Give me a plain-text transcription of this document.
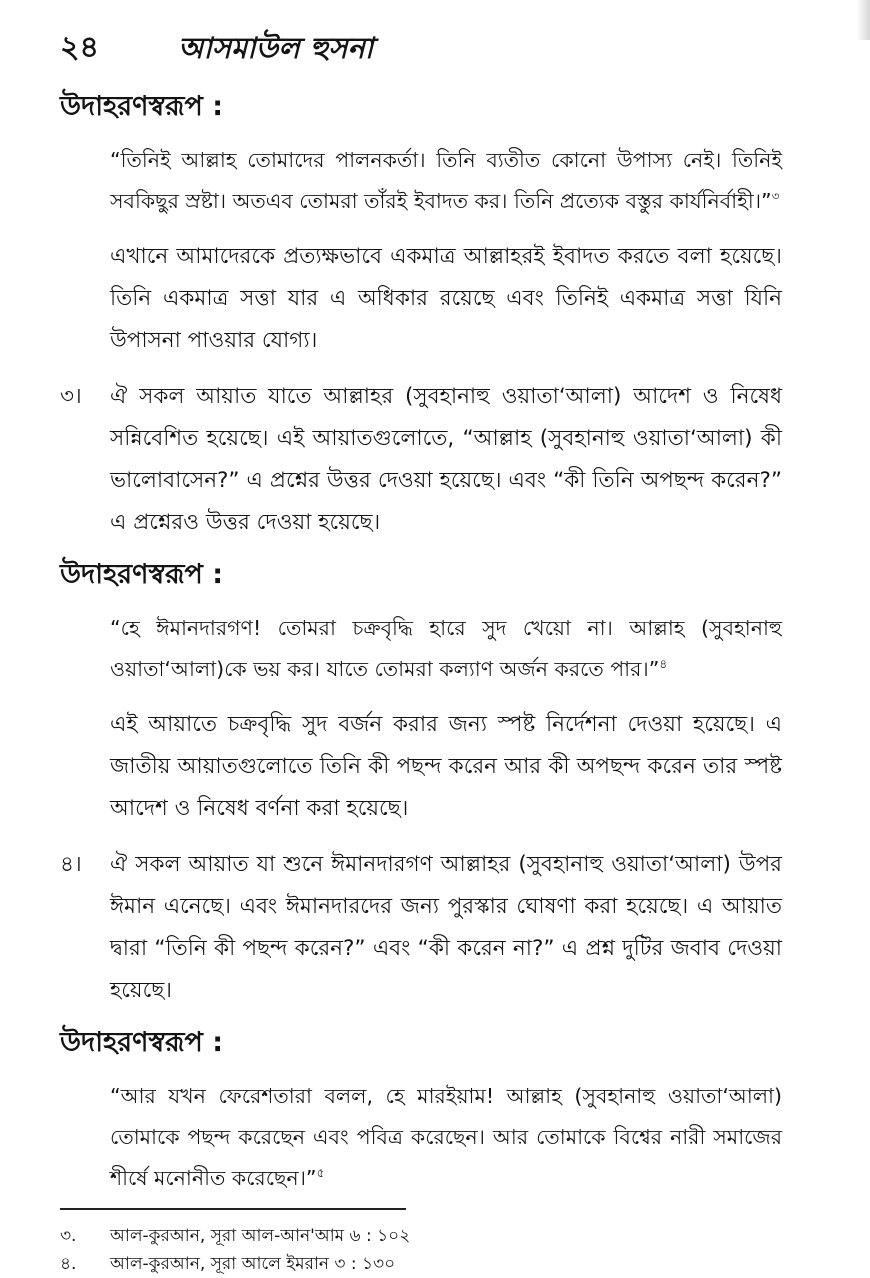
২৪	আসমাউল হুসনা
উদাহরণস্বরূপ :

“তিনিই আল্লাহ তোমাদের পালনকর্তা। তিনি ব্যতীত কোনো উপাস্য নেই। তিনিই সবকিছুর স্রষ্টা। অতএব তোমরা তাঁরই ইবাদত কর। তিনি প্রত্যেক বস্তুর কার্যনির্বাহী।”$^৩$

এখানে আমাদেরকে প্রত্যক্ষভাবে একমাত্র আল্লাহরই ইবাদত করতে বলা হয়েছে। তিনি একমাত্র সত্তা যার এ অধিকার রয়েছে এবং তিনিই একমাত্র সত্তা যিনি উপাসনা পাওয়ার যোগ্য।

৩।	ঐ সকল আয়াত যাতে আল্লাহর (সুবহানাহু ওয়াতা‘আলা) আদেশ ও নিষেধ সন্নিবেশিত হয়েছে। এই আয়াতগুলোতে, “আল্লাহ (সুবহানাহু ওয়াতা‘আলা) কী ভালোবাসেন?” এ প্রশ্নের উত্তর দেওয়া হয়েছে। এবং “কী তিনি অপছন্দ করেন?” এ প্রশ্নেরও উত্তর দেওয়া হয়েছে।
উদাহরণস্বরূপ :

“হে ঈমানদারগণ! তোমরা চক্রবৃদ্ধি হারে সুদ খেয়ো না। আল্লাহ (সুবহানাহু ওয়াতা‘আলা)কে ভয় কর। যাতে তোমরা কল্যাণ অর্জন করতে পার।”$^৪$

এই আয়াতে চক্রবৃদ্ধি সুদ বর্জন করার জন্য স্পষ্ট নির্দেশনা দেওয়া হয়েছে। এ জাতীয় আয়াতগুলোতে তিনি কী পছন্দ করেন আর কী অপছন্দ করেন তার স্পষ্ট আদেশ ও নিষেধ বর্ণনা করা হয়েছে।

৪।	ঐ সকল আয়াত যা শুনে ঈমানদারগণ আল্লাহর (সুবহানাহু ওয়াতা‘আলা) উপর ঈমান এনেছে। এবং ঈমানদারদের জন্য পুরস্কার ঘোষণা করা হয়েছে। এ আয়াত দ্বারা “তিনি কী পছন্দ করেন?” এবং “কী করেন না?” এ প্রশ্ন দুটির জবাব দেওয়া হয়েছে।
উদাহরণস্বরূপ :

“আর যখন ফেরেশতারা বলল, হে মারইয়াম! আল্লাহ (সুবহানাহু ওয়াতা‘আলা) তোমাকে পছন্দ করেছেন এবং পবিত্র করেছেন। আর তোমাকে বিশ্বের নারী সমাজের শীর্ষে মনোনীত করেছেন।”$^৫$

৩.	আল-কুরআন, সূরা আল-আন'আম ৬ : ১০২
৪.	আল-কুরআন, সূরা আলে ইমরান ৩ : ১৩০
